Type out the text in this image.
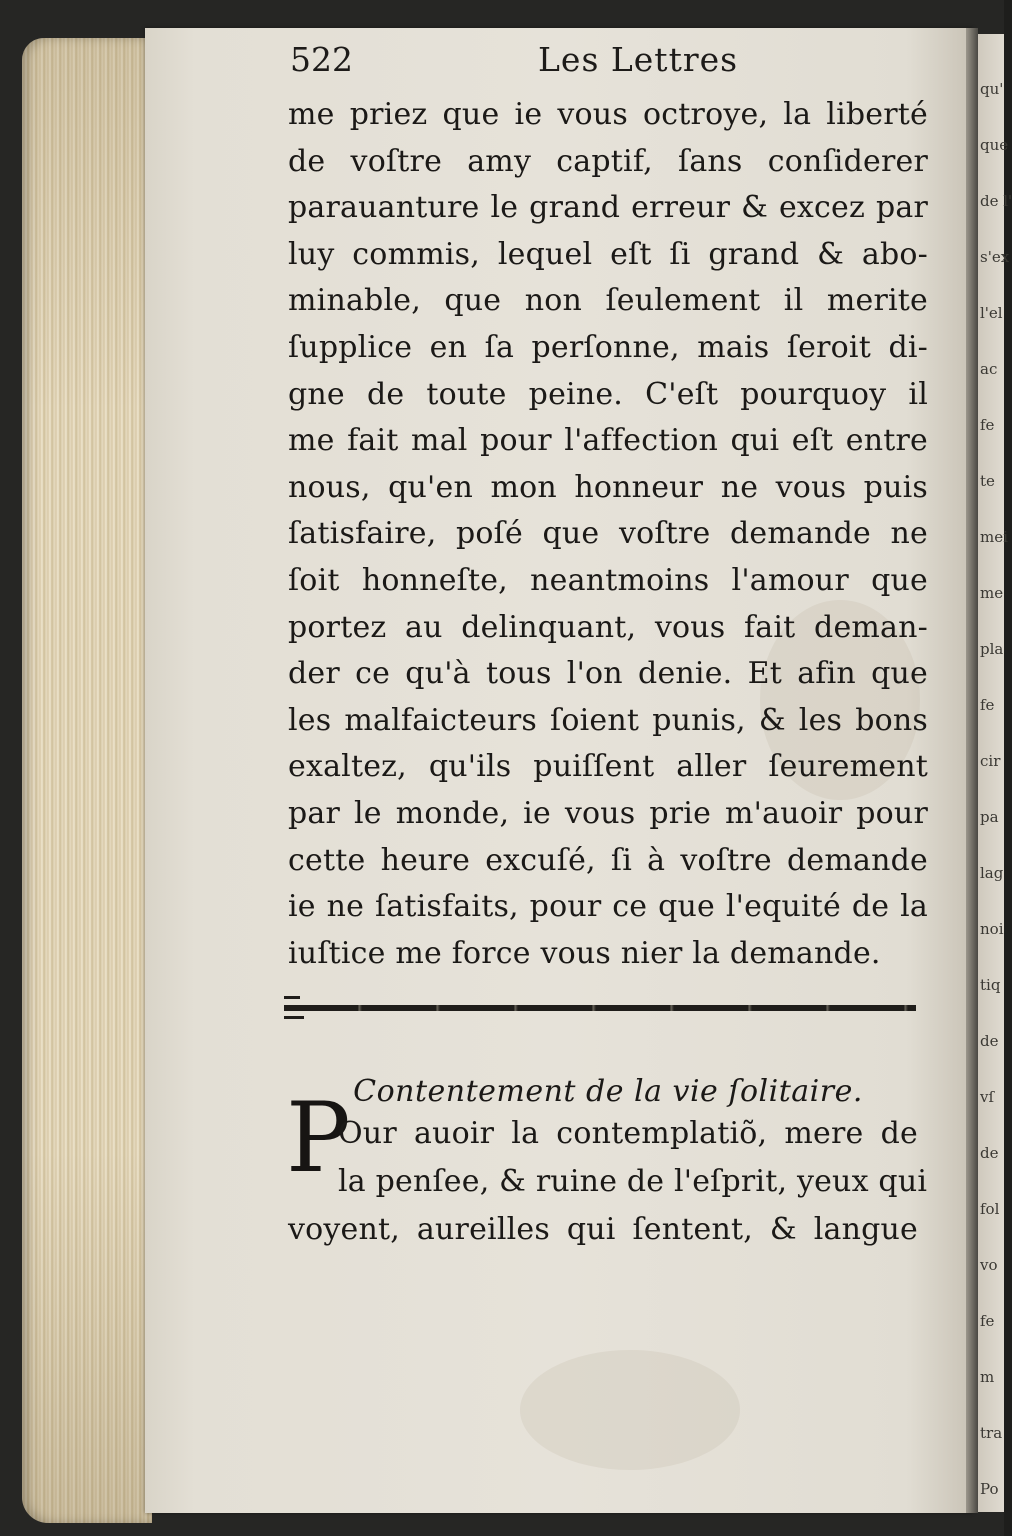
qu'
que
de l'
s'ex
l'el
ac
fe
te
mei
me
pla
fe
cir
pa
lag
noi
tiq
de
vſ
de
fol
vo
fe
m
tra
Po
522	Les Lettres
me priez que ie vous octroye, la liberté
de voſtre amy captif, ſans conſiderer
parauanture le grand erreur & excez par
luy commis, lequel eſt ſi grand & abo-
minable, que non ſeulement il merite
ſupplice en ſa perſonne, mais ſeroit di-
gne de toute peine. C'eſt pourquoy il
me fait mal pour l'affection qui eſt entre
nous, qu'en mon honneur ne vous puis
ſatisfaire, poſé que voſtre demande ne
ſoit honneſte, neantmoins l'amour que
portez au delinquant, vous fait deman-
der ce qu'à tous l'on denie. Et afin que
les malfaicteurs ſoient punis, & les bons
exaltez, qu'ils puiſſent aller ſeurement
par le monde, ie vous prie m'auoir pour
cette heure excuſé, ſi à voſtre demande
ie ne ſatisfaits, pour ce que l'equité de la
iuſtice me force vous nier la demande.
Contentement de la vie ſolitaire.
P
Our auoir la contemplatiõ, mere de
la penſee, & ruine de l'eſprit, yeux qui
voyent, aureilles qui ſentent, & langue
